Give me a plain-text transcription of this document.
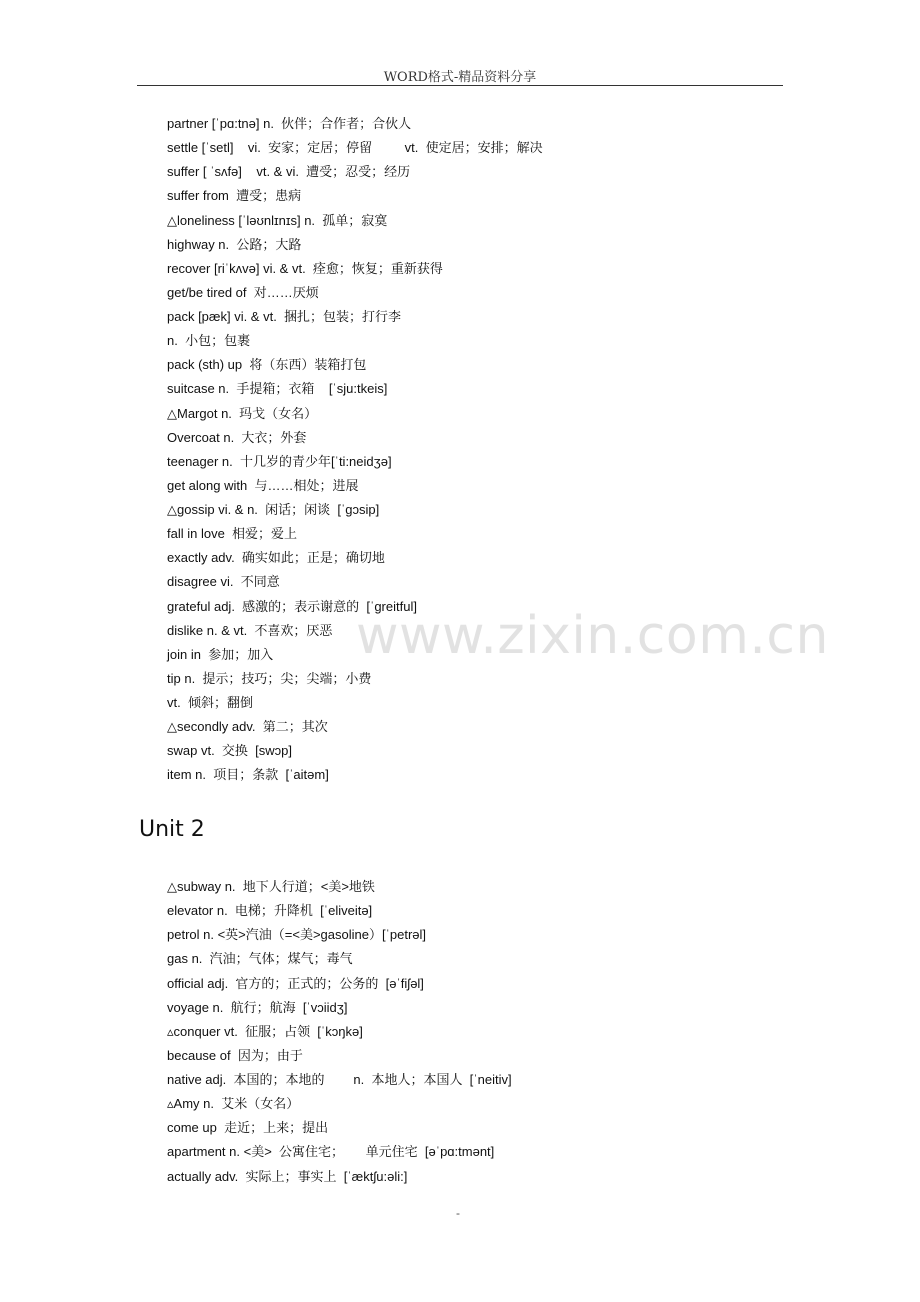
WORD格式-精品资料分享
www.zixin.com.cn
partner [ˈpɑ:tnə] n.  伙伴；合作者；合伙人
settle [ˈsetl]    vi.  安家；定居；停留         vt.  使定居；安排；解决
suffer [ ˈsʌfə]    vt. & vi.  遭受；忍受；经历
suffer from  遭受；患病
△loneliness [ˈləʊnlɪnɪs] n.  孤单；寂寞
highway n.  公路；大路
recover [riˈkʌvə] vi. & vt.  痊愈；恢复；重新获得
get/be tired of  对……厌烦
pack [pæk] vi. & vt.  捆扎；包装；打行李
n.  小包；包裹
pack (sth) up  将（东西）装箱打包
suitcase n.  手提箱；衣箱    [ˈsju:tkeis]
△Margot n.  玛戈（女名）
Overcoat n.  大衣；外套
teenager n.  十几岁的青少年[ˈti:neidʒə]
get along with  与……相处；进展
△gossip vi. & n.  闲话；闲谈  [ˈgɔsip]
fall in love  相爱；爱上
exactly adv.  确实如此；正是；确切地
disagree vi.  不同意
grateful adj.  感激的；表示谢意的  [ˈgreitful]
dislike n. & vt.  不喜欢；厌恶
join in  参加；加入
tip n.  提示；技巧；尖；尖端；小费
vt.  倾斜；翻倒
△secondly adv.  第二；其次
swap vt.  交换  [swɔp]
item n.  项目；条款  [ˈaitəm]
Unit 2
△subway n.  地下人行道；<美>地铁
elevator n.  电梯；升降机  [ˈeliveitə]
petrol n. <英>汽油（=<美>gasoline）[ˈpetrəl]
gas n.  汽油；气体；煤气；毒气
official adj.  官方的；正式的；公务的  [əˈfiʃəl]
voyage n.  航行；航海  [ˈvɔiidʒ]
▵conquer vt.  征服；占领  [ˈkɔŋkə]
because of  因为；由于
native adj.  本国的；本地的        n.  本地人；本国人  [ˈneitiv]
▵Amy n.  艾米（女名）
come up  走近；上来；提出
apartment n. <美>  公寓住宅；      单元住宅  [əˈpɑ:tmənt]
actually adv.  实际上；事实上  [ˈæktʃu:əli:]
-
